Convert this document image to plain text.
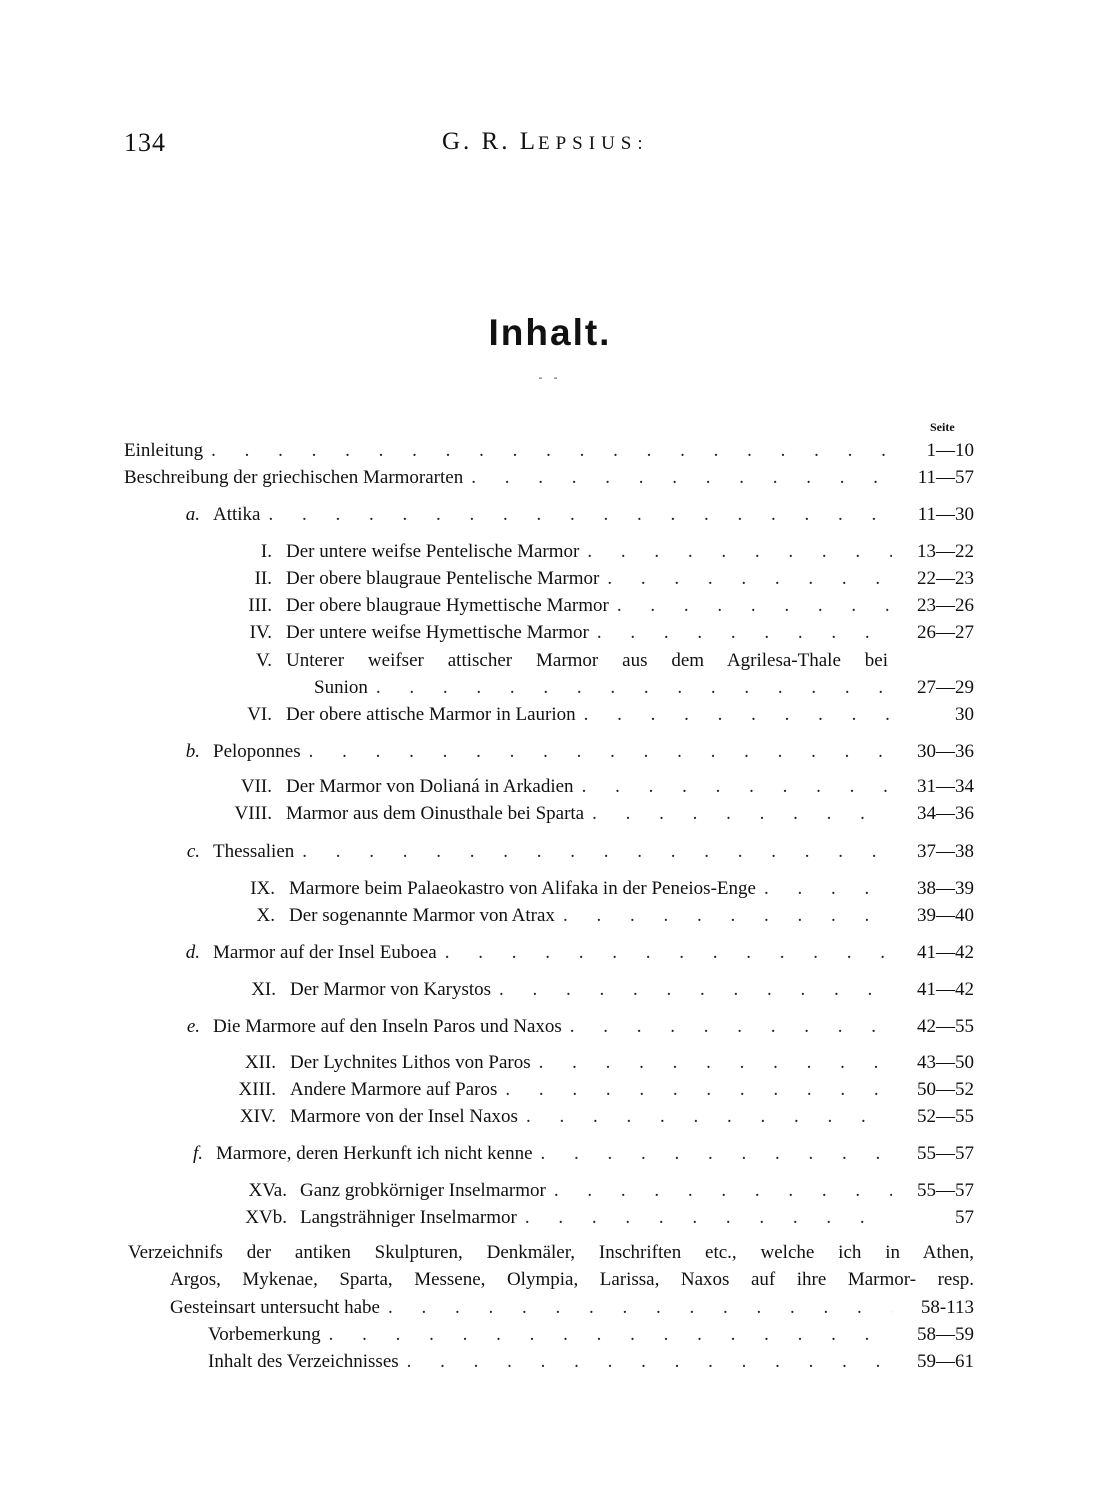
134	G. R. LEPSIUS:
Inhalt.
- -
Seite
Einleitung . . .	1—10
Beschreibung der griechischen Marmorarten . . .	11—57
a. Attika . . .	11—30
I. Der untere weifse Pentelische Marmor . . .	13—22
II. Der obere blaugraue Pentelische Marmor . . .	22—23
III. Der obere blaugraue Hymettische Marmor . . .	23—26
IV. Der untere weifse Hymettische Marmor . . .	26—27
V. Unterer weifser attischer Marmor aus dem Agrilesa-Thale bei
Sunion . . .	27—29
VI. Der obere attische Marmor in Laurion . . .	30
b. Peloponnes . . .	30—36
VII. Der Marmor von Dolianá in Arkadien . . .	31—34
VIII. Marmor aus dem Oinusthale bei Sparta . . .	34—36
c. Thessalien . . .	37—38
IX. Marmore beim Palaeokastro von Alifaka in der Peneios-Enge . . .	38—39
X. Der sogenannte Marmor von Atrax . . .	39—40
d. Marmor auf der Insel Euboea . . .	41—42
XI. Der Marmor von Karystos . . .	41—42
e. Die Marmore auf den Inseln Paros und Naxos . . .	42—55
XII. Der Lychnites Lithos von Paros . . .	43—50
XIII. Andere Marmore auf Paros . . .	50—52
XIV. Marmore von der Insel Naxos . . .	52—55
f. Marmore, deren Herkunft ich nicht kenne . . .	55—57
XVa. Ganz grobkörniger Inselmarmor . . .	55—57
XVb. Langsträhniger Inselmarmor . . .	57
Verzeichnifs der antiken Skulpturen, Denkmäler, Inschriften etc., welche ich in Athen,
Argos, Mykenae, Sparta, Messene, Olympia, Larissa, Naxos auf ihre Marmor- resp.
Gesteinsart untersucht habe . . .	58-113
Vorbemerkung . . .	58—59
Inhalt des Verzeichnisses . . .	59—61
